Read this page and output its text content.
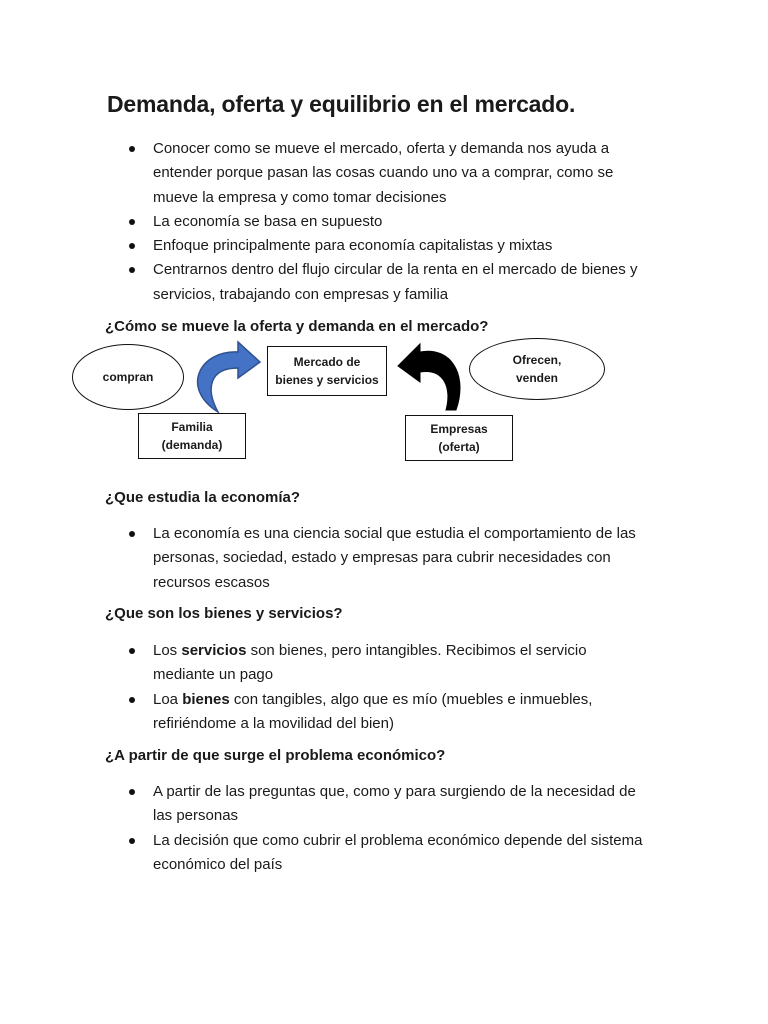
Demanda, oferta y equilibrio en el mercado.
Conocer como se mueve el mercado, oferta y demanda nos ayuda a entender porque pasan las cosas cuando uno va a comprar, como se mueve la empresa y como tomar decisiones
La economía se basa en supuesto
Enfoque principalmente para economía capitalistas y mixtas
Centrarnos dentro del flujo circular de la renta en el mercado de bienes y servicios, trabajando con empresas y familia

¿Cómo se mueve la oferta y demanda en el mercado?

compran
Familia
(demanda)
Mercado de
bienes y servicios
Ofrecen,
venden
Empresas
(oferta)

¿Que estudia la economía?

La economía es una ciencia social que estudia el comportamiento de las personas, sociedad, estado y empresas para cubrir necesidades con recursos escasos

¿Que son los bienes y servicios?

Los servicios son bienes, pero intangibles. Recibimos el servicio mediante un pago
Loa bienes con tangibles, algo que es mío (muebles e inmuebles, refiriéndome a la movilidad del bien)

¿A partir de que surge el problema económico?

A partir de las preguntas que, como y para surgiendo de la necesidad de las personas
La decisión que como cubrir el problema económico depende del sistema económico del país
